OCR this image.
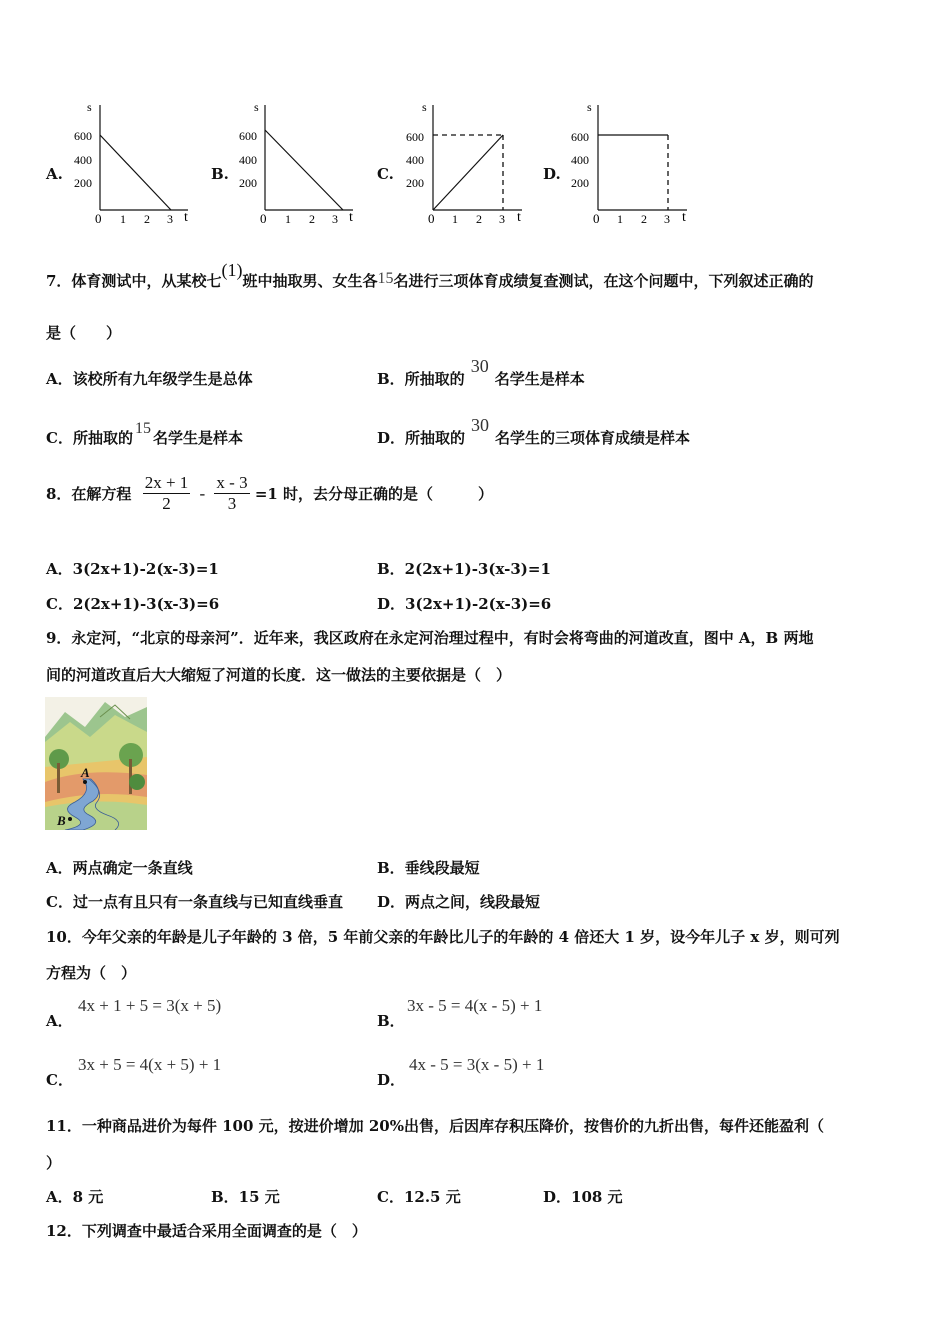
A.
s
t
600
400
200
0 1 2 3
B.
s
t
600
400
200
0 1 2 3
C.
s
t
600
400
200
0 1 2 3
D.
s
t
600
400
200
0 1 2 3
7．体育测试中，从某校七(1)班中抽取男、女生各15名进行三项体育成绩复查测试，在这个问题中，下列叙述正确的
是（　　）
A．该校所有九年级学生是总体	B．所抽取的30名学生是样本
C．所抽取的15名学生是样本	D．所抽取的30名学生的三项体育成绩是样本
8．在解方程 $\frac{2x + 1}{2} - \frac{x - 3}{3} =1$ 时，去分母正确的是（　　　）
A．3(2x+1)-2(x-3)=1	B．2(2x+1)-3(x-3)=1
C．2(2x+1)-3(x-3)=6	D．3(2x+1)-2(x-3)=6
9．永定河，“北京的母亲河”．近年来，我区政府在永定河治理过程中，有时会将弯曲的河道改直，图中 A，B 两地
间的河道改直后大大缩短了河道的长度．这一做法的主要依据是（　）
A
B
A．两点确定一条直线	B．垂线段最短
C．过一点有且只有一条直线与已知直线垂直 D．两点之间，线段最短
10．今年父亲的年龄是儿子年龄的 3 倍，5 年前父亲的年龄比儿子的年龄的 4 倍还大 1 岁，设今年儿子 x 岁，则可列
方程为（　）
A．
4x + 1 + 5 = 3(x + 5)
B．
3x - 5 = 4(x - 5) + 1
C．
3x + 5 = 4(x + 5) + 1
D．
4x - 5 = 3(x - 5) + 1
11．一种商品进价为每件 100 元，按进价增加 20%出售，后因库存积压降价，按售价的九折出售，每件还能盈利（
）
A．8 元	B．15 元	C．12.5 元	D．108 元
12．下列调查中最适合采用全面调查的是（　）
